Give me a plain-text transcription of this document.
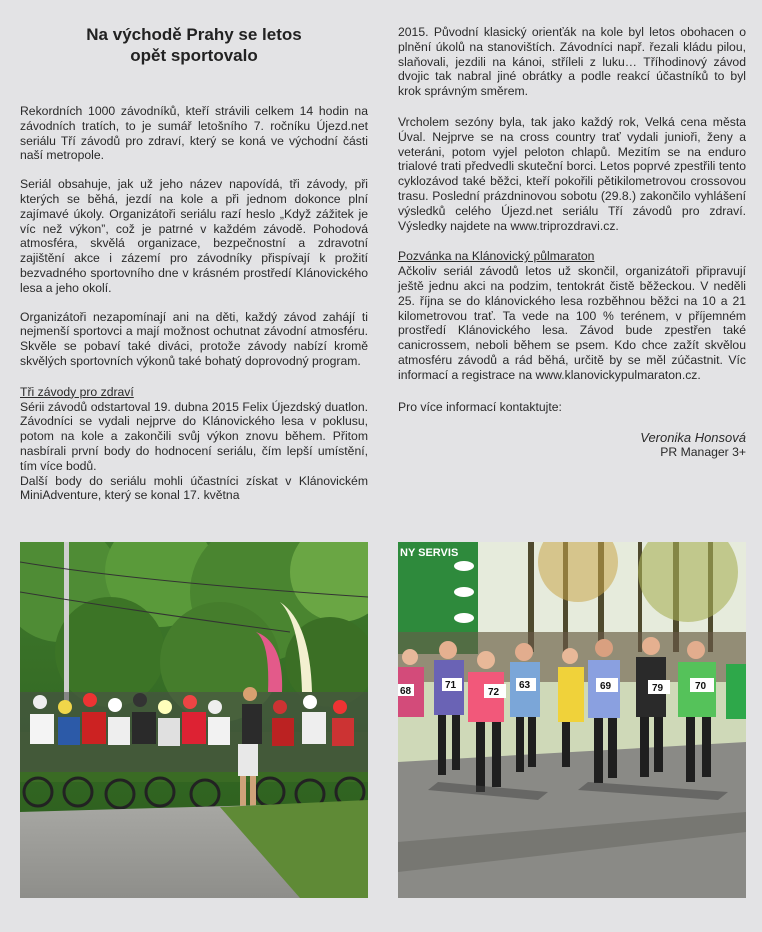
Na východě Prahy se letos
opět sportovalo

Rekordních 1000 závodníků, kteří strávili celkem 14 hodin na závodních tratích, to je sumář letošního 7. ročníku Újezd.net seriálu Tří závodů pro zdraví, který se koná ve východní části naší metropole.

Seriál obsahuje, jak už jeho název napovídá, tři závody, při kterých se běhá, jezdí na kole a při jednom dokonce plní zajímavé úkoly. Organizátoři seriálu razí heslo „Když zážitek je víc než výkon”, což je patrné v každém závodě. Pohodová atmosféra, skvělá organizace, bezpečnostní a zdravotní zajištění akce i zázemí pro závodníky přispívají k prožití bezvadného sportovního dne v krásném prostředí Klánovického lesa a jeho okolí.

Organizátoři nezapomínají ani na děti, každý závod zahájí ti nejmenší sportovci a mají možnost ochutnat závodní atmosféru. Skvěle se pobaví také diváci, protože závody nabízí kromě skvělých sportovních výkonů také bohatý doprovodný program.

Tři závody pro zdraví

Sérii závodů odstartoval 19. dubna 2015 Felix Újezdský duatlon. Závodníci se vydali nejprve do Klánovického lesa v poklusu, potom na kole a zakončili svůj výkon znovu během. Přitom nasbírali první body do hodnocení seriálu, čím lepší umístění, tím více bodů.

Další body do seriálu mohli účastníci získat v Klánovickém MiniAdventure, který se konal 17. května

2015. Původní klasický orienťák na kole byl letos obohacen o plnění úkolů na stanovištích. Závodníci např. řezali kládu pilou, slaňovali, jezdili na kánoi, stříleli z luku… Tříhodinový závod dvojic tak nabral jiné obrátky a podle reakcí účastníků to byl krok správným směrem.

Vrcholem sezóny byla, tak jako každý rok, Velká cena města Úval. Nejprve se na cross country trať vydali junioři, ženy a veteráni, potom vyjel peloton chlapů. Mezitím se na enduro trialové trati předvedli skuteční borci. Letos poprvé zpestřili tento cyklozávod také běžci, kteří pokořili pětikilometrovou crossovou trasu. Poslední prázdninovou sobotu (29.8.) zakončilo vyhlášení výsledků celého Újezd.net seriálu Tří závodů pro zdraví. Výsledky najdete na www.triprozdravi.cz.

Pozvánka na Klánovický půlmaraton

Ačkoliv seriál závodů letos už skončil, organizátoři připravují ještě jednu akci na podzim, tentokrát čistě běžeckou. V neděli 25. října se do klánovického lesa rozběhnou běžci na 10 a 21 kilometrovou trať. Ta vede na 100 % terénem, v příjemném prostředí Klánovického lesa. Závod bude zpestřen také canicrossem, neboli během se psem. Kdo chce zažít skvělou atmosféru závodů a rád běhá, určitě by se měl zúčastnit. Víc informací a registrace na www.klanovickypulmaraton.cz.

Pro více informací kontaktujte:

Veronika Honsová
PR Manager 3+
NY SERVIS
68
71
72
63	69	79	70
